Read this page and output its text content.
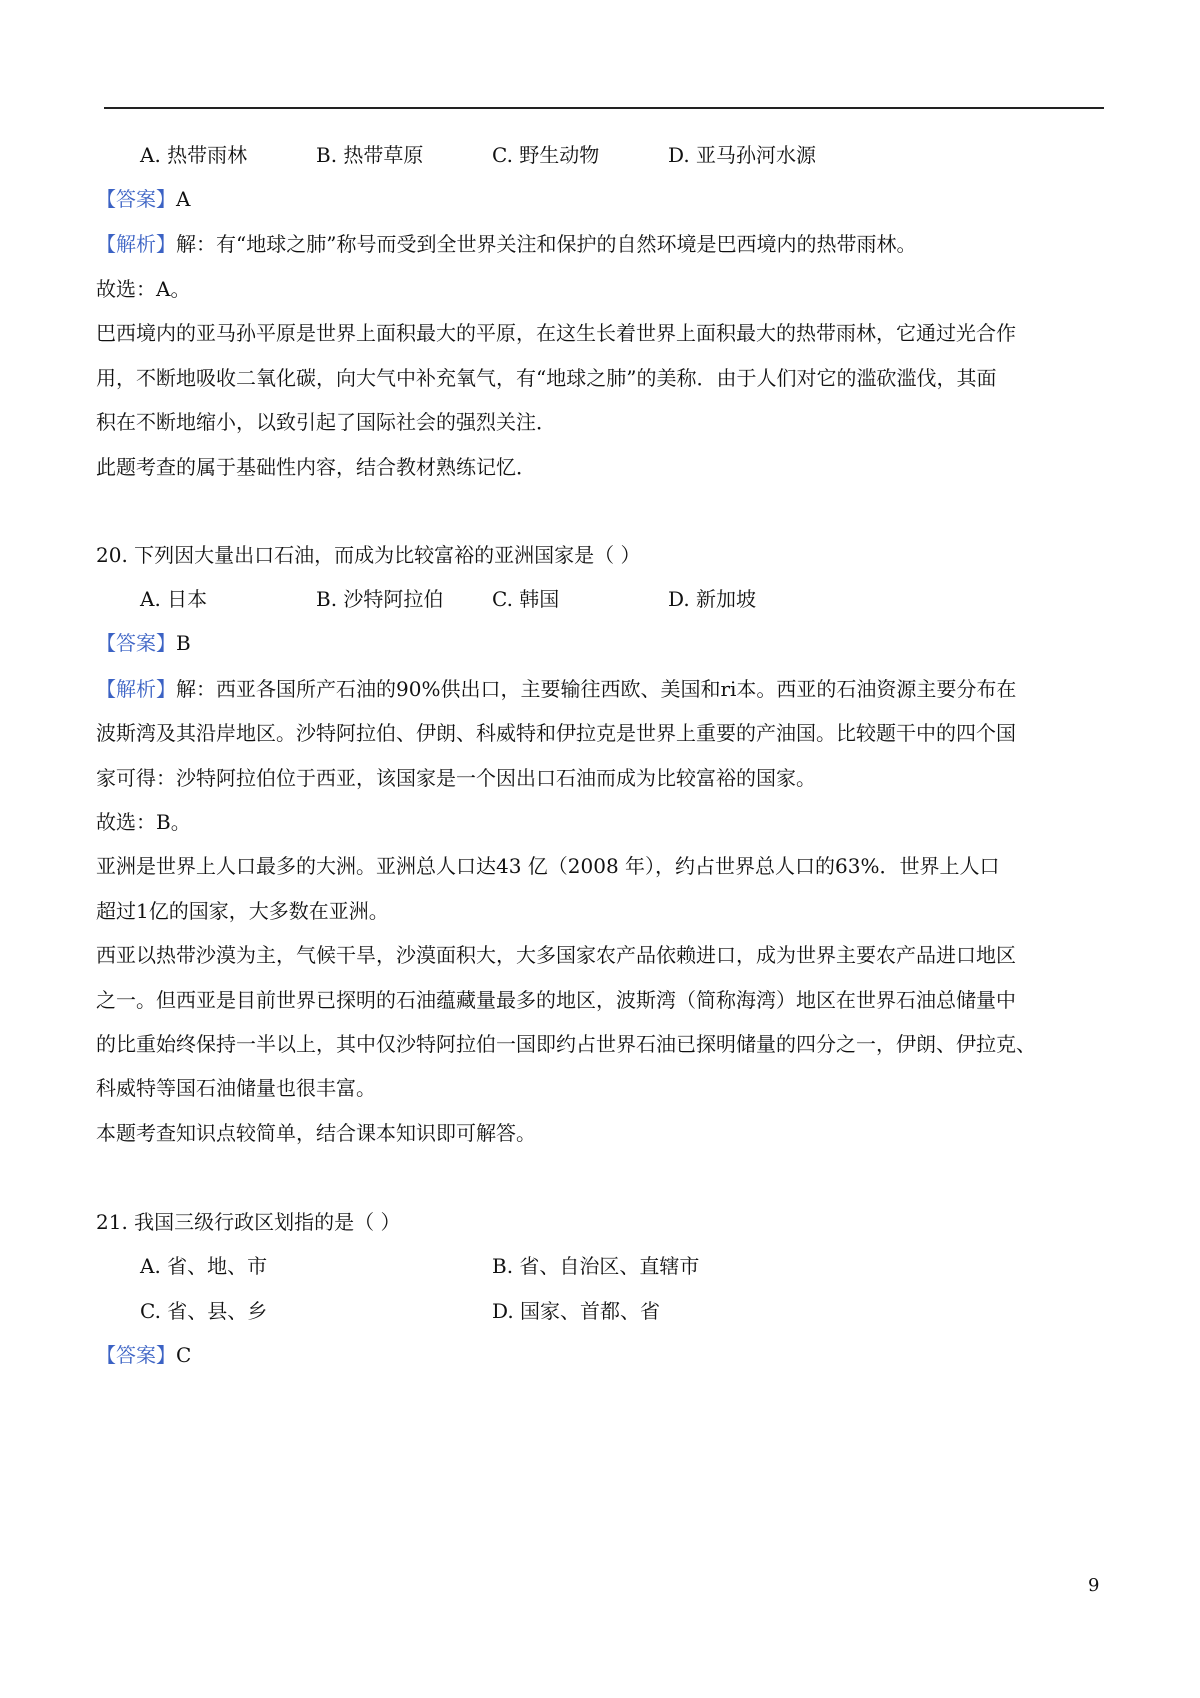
A. 热带雨林	B. 热带草原	C. 野生动物	D. 亚马孙河水源
【答案】A
【解析】解：有“地球之肺”称号而受到全世界关注和保护的自然环境是巴西境内的热带雨林。
故选：A。
巴西境内的亚马孙平原是世界上面积最大的平原，在这生长着世界上面积最大的热带雨林，它通过光合作
用，不断地吸收二氧化碳，向大气中补充氧气，有“地球之肺”的美称．由于人们对它的滥砍滥伐，其面
积在不断地缩小，以致引起了国际社会的强烈关注．
此题考查的属于基础性内容，结合教材熟练记忆．
20. 下列因大量出口石油，而成为比较富裕的亚洲国家是（ ）
A. 日本	B. 沙特阿拉伯 C. 韩国	D. 新加坡
【答案】B
【解析】解：西亚各国所产石油的90%供出口，主要输往西欧、美国和ri本。西亚的石油资源主要分布在
波斯湾及其沿岸地区。沙特阿拉伯、伊朗、科威特和伊拉克是世界上重要的产油国。比较题干中的四个国
家可得：沙特阿拉伯位于西亚，该国家是一个因出口石油而成为比较富裕的国家。
故选：B。
亚洲是世界上人口最多的大洲。亚洲总人口达43 亿（2008 年），约占世界总人口的63%．世界上人口
超过1亿的国家，大多数在亚洲。
西亚以热带沙漠为主，气候干旱，沙漠面积大，大多国家农产品依赖进口，成为世界主要农产品进口地区
之一。但西亚是目前世界已探明的石油蕴藏量最多的地区，波斯湾（简称海湾）地区在世界石油总储量中
的比重始终保持一半以上，其中仅沙特阿拉伯一国即约占世界石油已探明储量的四分之一，伊朗、伊拉克、
科威特等国石油储量也很丰富。
本题考查知识点较简单，结合课本知识即可解答。
21. 我国三级行政区划指的是（ ）
A. 省、地、市	B. 省、自治区、直辖市
C. 省、县、乡	D. 国家、首都、省
【答案】C
9
